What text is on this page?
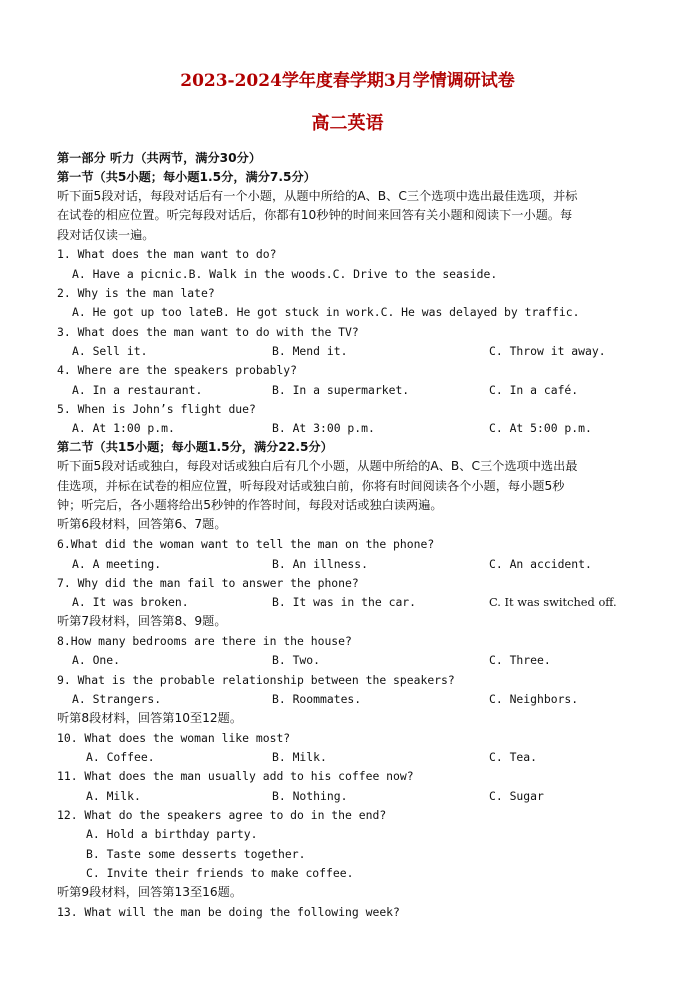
2023-2024学年度春学期3月学情调研试卷
高二英语
第一部分 听力（共两节，满分30分）
第一节（共5小题；每小题1.5分，满分7.5分）
听下面5段对话，每段对话后有一个小题，从题中所给的A、B、C三个选项中选出最佳选项，并标
在试卷的相应位置。听完每段对话后，你都有10秒钟的时间来回答有关小题和阅读下一小题。每
段对话仅读一遍。
1. What does the man want to do?
A. Have a picnic.B. Walk in the woods.C. Drive to the seaside.
2. Why is the man late?
A. He got up too lateB. He got stuck in work.C. He was delayed by traffic.
3. What does the man want to do with the TV?
A. Sell it.	B. Mend it.	C. Throw it away.
4. Where are the speakers probably?
A. In a restaurant.	B. In a supermarket.	C. In a café.
5. When is John’s flight due?
A. At 1:00 p.m.	B. At 3:00 p.m.	C. At 5:00 p.m.
第二节（共15小题；每小题1.5分，满分22.5分）
听下面5段对话或独白，每段对话或独白后有几个小题，从题中所给的A、B、C三个选项中选出最
佳选项，并标在试卷的相应位置，听每段对话或独白前，你将有时间阅读各个小题，每小题5秒
钟；听完后，各小题将给出5秒钟的作答时间，每段对话或独白读两遍。
听第6段材料，回答第6、7题。
6.What did the woman want to tell the man on the phone?
A. A meeting.	B. An illness.	C. An accident.
7. Why did the man fail to answer the phone?
A. It was broken.	B. It was in the car.	C. It was switched off.
听第7段材料，回答第8、9题。
8.How many bedrooms are there in the house?
A. One.	B. Two.	C. Three.
9. What is the probable relationship between the speakers?
A. Strangers.	B. Roommates.	C. Neighbors.
听第8段材料，回答第10至12题。
10. What does the woman like most?
A. Coffee.	B. Milk.	C. Tea.
11. What does the man usually add to his coffee now?
A. Milk.	B. Nothing.	C. Sugar
12. What do the speakers agree to do in the end?
A. Hold a birthday party.
B. Taste some desserts together.
C. Invite their friends to make coffee.
听第9段材料，回答第13至16题。
13. What will the man be doing the following week?
